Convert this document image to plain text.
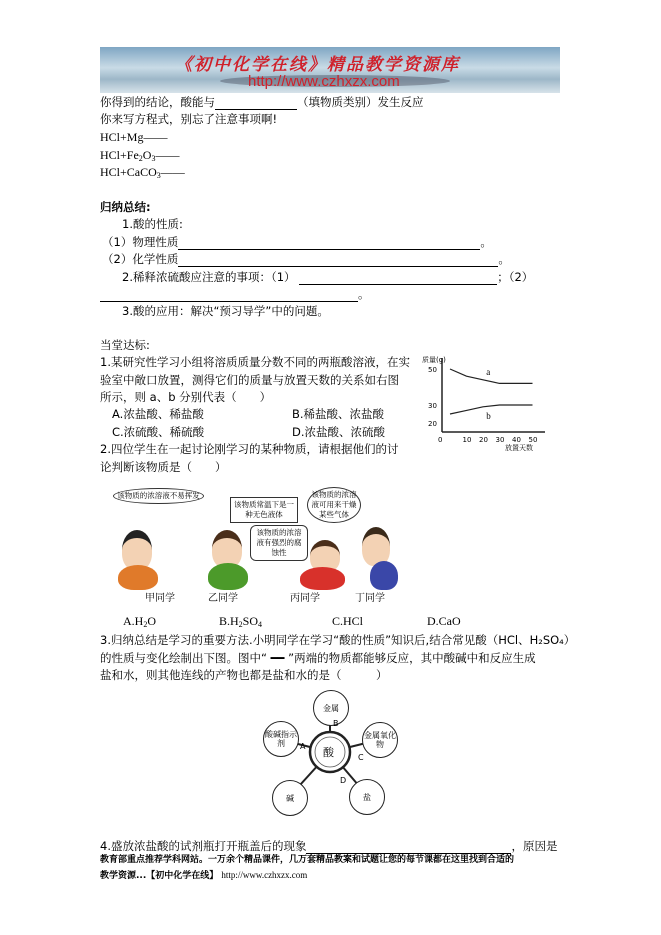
《初中化学在线》精品教学资源库
http://www.czhxzx.com
你得到的结论，酸能与	（填物质类别）发生反应
你来写方程式，别忘了注意事项啊!
HCl+Mg——
$HCl+Fe_2O_3——$
HCl+CaCO$_3$——
归纳总结:
1.酸的性质:
（1）物理性质	。
（2）化学性质	。
2.稀释浓硫酸应注意的事项：（1）	；（2）
。
3.酸的应用：解决“预习导学”中的问题。
当堂达标:
1.某研究性学习小组将溶质质量分数不同的两瓶酸溶液，在实
验室中敞口放置，测得它们的质量与放置天数的关系如右图
所示，则 a、b 分别代表（　　）
A.浓盐酸、稀盐酸	B.稀盐酸、浓盐酸
C.浓硫酸、稀硫酸	D.浓盐酸、浓硫酸
质量(g)
放置天数
0	10 20 30 40 50
20
30
50	a
b
2.四位学生在一起讨论刚学习的某种物质，请根据他们的讨
论判断该物质是（　　）
该物质的浓溶液不易挥发
该物质常温下是一种无色液体
该物质的浓溶液有强烈的腐蚀性
该物质的浓溶液可用来干燥某些气体
甲同学	乙同学	丙同学	丁同学
$A.H_2O$	$B.H_2SO_4$	C.HCl	D.CaO
3.归纳总结是学习的重要方法.小明同学在学习“酸的性质”知识后,结合常见酸（HCl、H₂SO₄）
的性质与变化绘制出下图。图中“ ━━ ”两端的物质都能够反应，其中酸碱中和反应生成
盐和水，则其他连线的产物也都是盐和水的是（　　　）
金属
金属氧化物
盐
碱
酸碱指示剂
酸
B
C
D
A
4.盛放浓盐酸的试剂瓶打开瓶盖后的现象	，原因是
教育部重点推荐学科网站。一万余个精品课件，几万套精品教案和试题让您的每节课都在这里找到合适的
教学资源...【初中化学在线】 http://www.czhxzx.com
